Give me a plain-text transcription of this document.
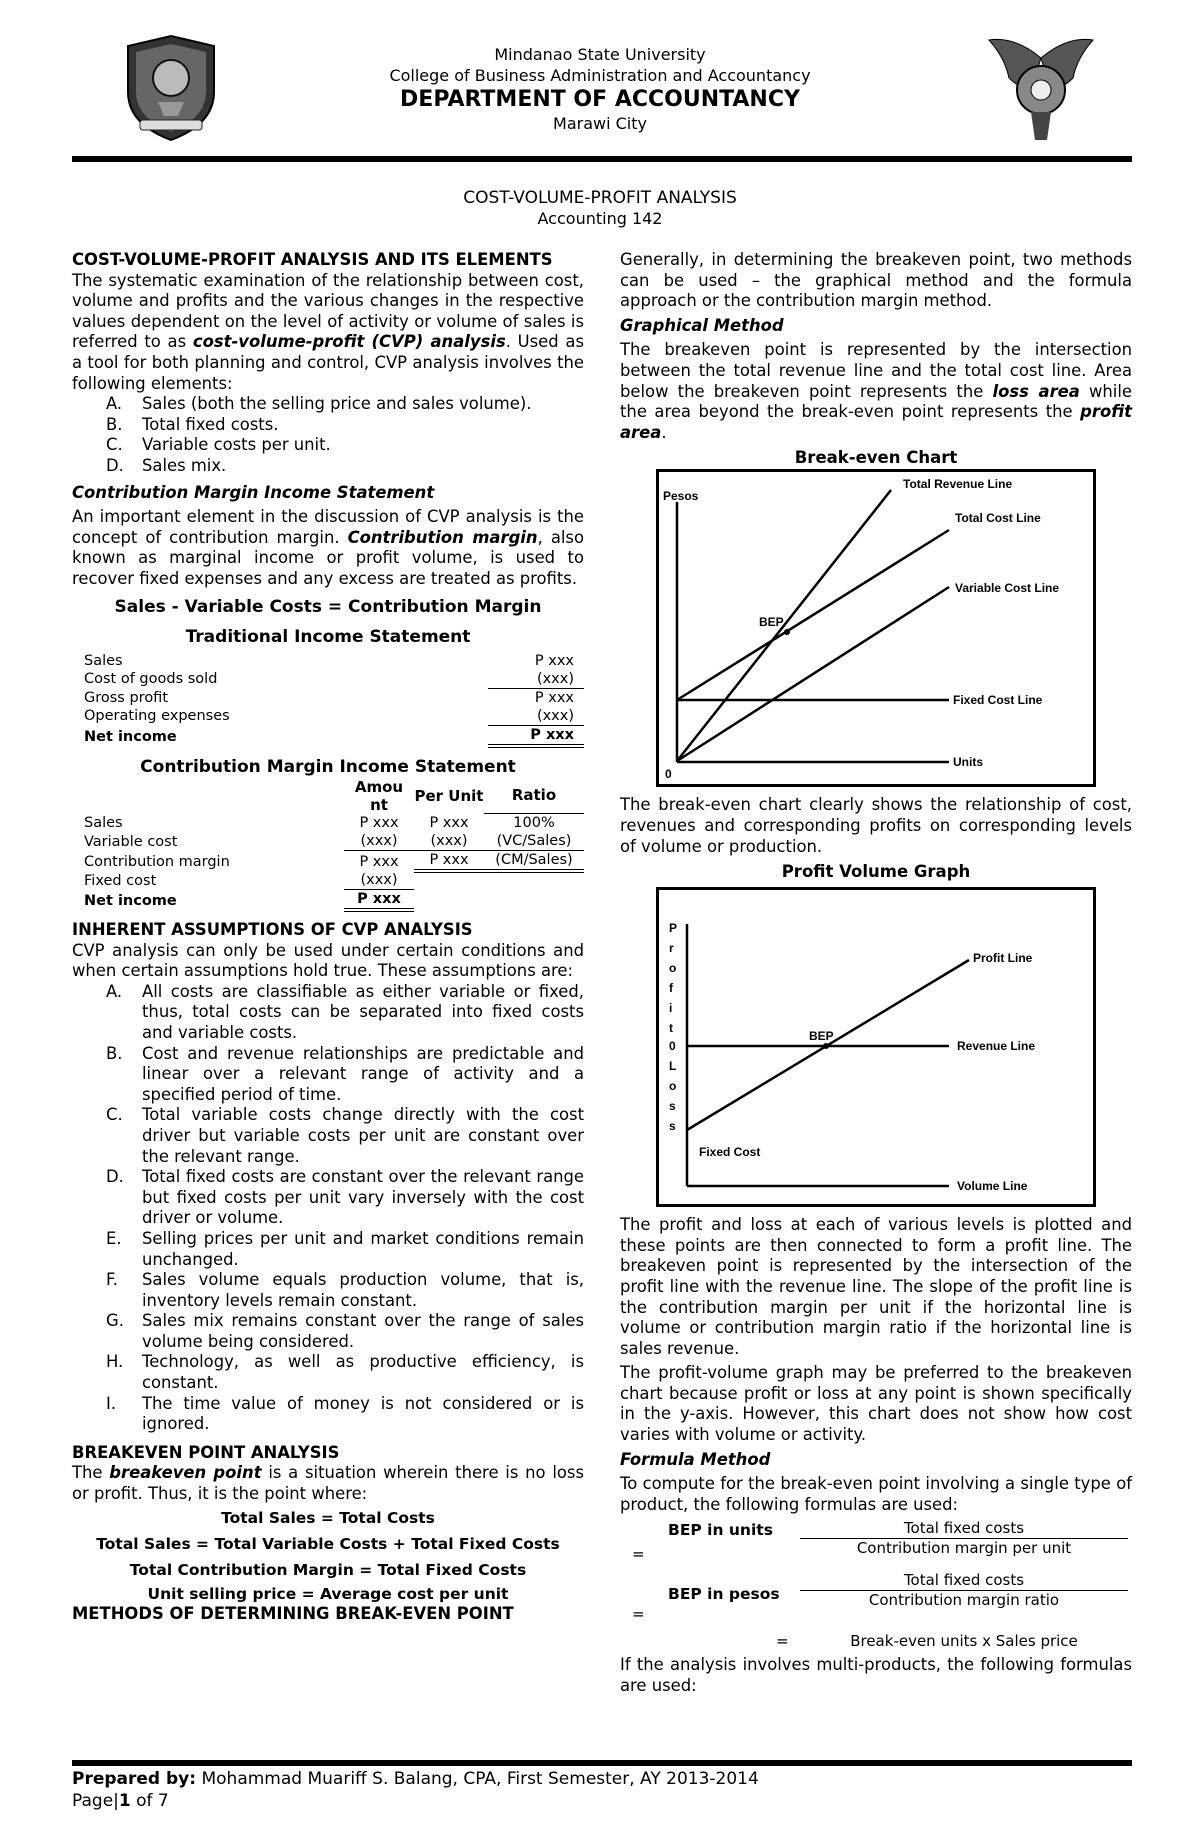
Mindanao State University
College of Business Administration and Accountancy
DEPARTMENT OF ACCOUNTANCY
Marawi City
COST-VOLUME-PROFIT ANALYSIS
Accounting 142
COST-VOLUME-PROFIT ANALYSIS AND ITS ELEMENTS
The systematic examination of the relationship between cost, volume and profits and the various changes in the respective values dependent on the level of activity or volume of sales is referred to as cost-volume-profit (CVP) analysis. Used as a tool for both planning and control, CVP analysis involves the following elements:
A. Sales (both the selling price and sales volume).
B. Total fixed costs.
C. Variable costs per unit.
D. Sales mix.
Contribution Margin Income Statement
An important element in the discussion of CVP analysis is the concept of contribution margin. Contribution margin, also known as marginal income or profit volume, is used to recover fixed expenses and any excess are treated as profits.
Sales - Variable Costs = Contribution Margin
Traditional Income Statement
Sales	P xxx
Cost of goods sold	(xxx)
Gross profit	P xxx
Operating expenses	(xxx)
Net income	P xxx
Contribution Margin Income Statement
	Amou nt	Per Unit	Ratio
Sales	P xxx	P xxx	100%
Variable cost	(xxx)	(xxx)	(VC/Sales)
Contribution margin	P xxx	P xxx	(CM/Sales)
Fixed cost	(xxx)		
Net income	P xxx		
INHERENT ASSUMPTIONS OF CVP ANALYSIS
CVP analysis can only be used under certain conditions and when certain assumptions hold true. These assumptions are:
A. All costs are classifiable as either variable or fixed, thus, total costs can be separated into fixed costs and variable costs.
B. Cost and revenue relationships are predictable and linear over a relevant range of activity and a specified period of time.
C. Total variable costs change directly with the cost driver but variable costs per unit are constant over the relevant range.
D. Total fixed costs are constant over the relevant range but fixed costs per unit vary inversely with the cost driver or volume.
E. Selling prices per unit and market conditions remain unchanged.
F. Sales volume equals production volume, that is, inventory levels remain constant.
G. Sales mix remains constant over the range of sales volume being considered.
H. Technology, as well as productive efficiency, is constant.
I. The time value of money is not considered or is ignored.
BREAKEVEN POINT ANALYSIS
The breakeven point is a situation wherein there is no loss or profit. Thus, it is the point where:
Total Sales = Total Costs
Total Sales = Total Variable Costs + Total Fixed Costs
Total Contribution Margin = Total Fixed Costs
Unit selling price = Average cost per unit
METHODS OF DETERMINING BREAK-EVEN POINT
Generally, in determining the breakeven point, two methods can be used – the graphical method and the formula approach or the contribution margin method.
Graphical Method
The breakeven point is represented by the intersection between the total revenue line and the total cost line. Area below the breakeven point represents the loss area while the area beyond the break-even point represents the profit area.
Break-even Chart
Pesos
0
Units
BEP
Total Revenue Line
Total Cost Line
Variable Cost Line
Fixed Cost Line
The break-even chart clearly shows the relationship of cost, revenues and corresponding profits on corresponding levels of volume or production.
Profit Volume Graph
P
r
o
f
i
t
0
L
o
s
s
BEP
Profit Line
Revenue Line
Fixed Cost
Volume Line
The profit and loss at each of various levels is plotted and these points are then connected to form a profit line. The breakeven point is represented by the intersection of the profit line with the revenue line. The slope of the profit line is the contribution margin per unit if the horizontal line is volume or contribution margin ratio if the horizontal line is sales revenue.
The profit-volume graph may be preferred to the breakeven chart because profit or loss at any point is shown specifically in the y-axis. However, this chart does not show how cost varies with volume or activity.
Formula Method
To compute for the break-even point involving a single type of product, the following formulas are used:
BEP in units
=
Total fixed costs
Contribution margin per unit
BEP in pesos
=
Total fixed costs
Contribution margin ratio
=	Break-even units x Sales price
If the analysis involves multi-products, the following formulas are used:
Prepared by: Mohammad Muariff S. Balang, CPA, First Semester, AY 2013-2014
Page|1 of 7
